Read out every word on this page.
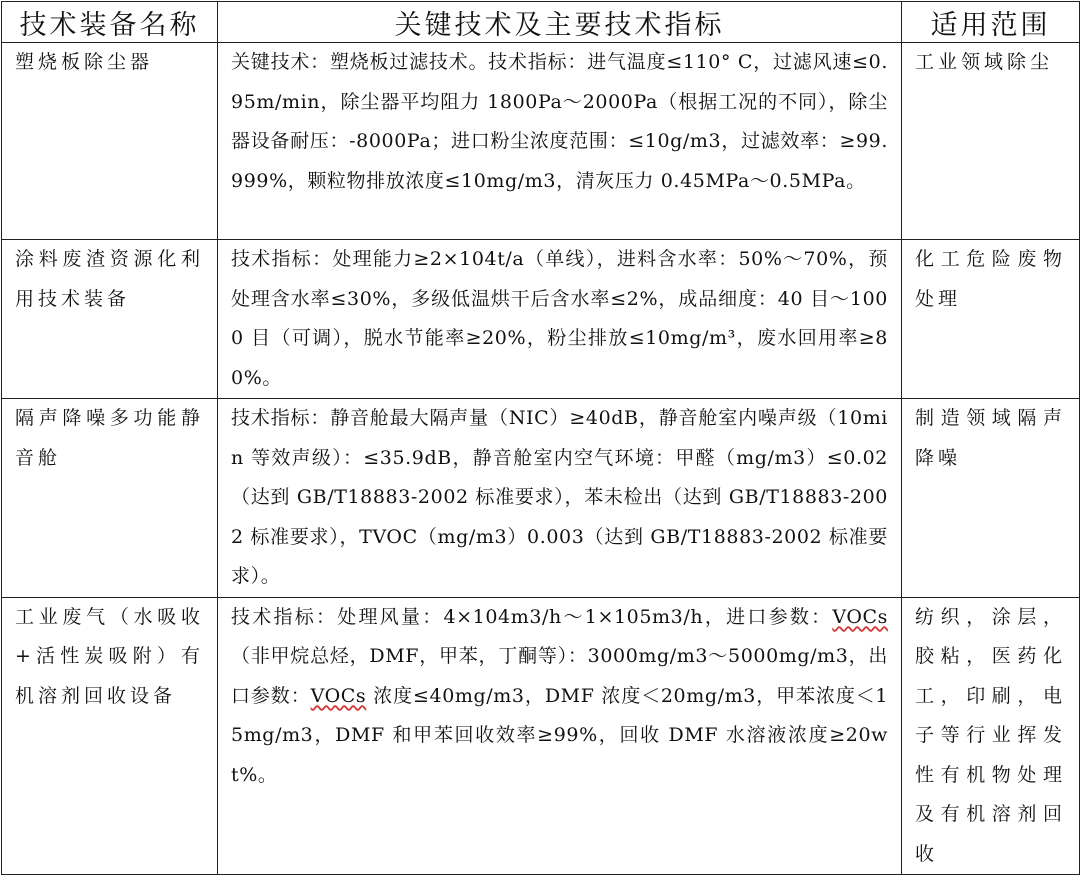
技术装备名称	关键技术及主要技术指标	适用范围
塑烧板除尘器	关键技术：塑烧板过滤技术。技术指标：进气温度≤110° C，过滤风速≤0.95m/min，除尘器平均阻力 1800Pa～2000Pa（根据工况的不同），除尘器设备耐压：-8000Pa；进口粉尘浓度范围：≤10g/m3，过滤效率：≥99.999%，颗粒物排放浓度≤10mg/m3，清灰压力 0.45MPa～0.5MPa。	工业领域除尘
涂料废渣资源化利用技术装备	技术指标：处理能力≥2×104t/a（单线），进料含水率：50%～70%，预处理含水率≤30%，多级低温烘干后含水率≤2%，成品细度：40 目～1000 目（可调），脱水节能率≥20%，粉尘排放≤10mg/m³，废水回用率≥80%。	化工危险废物处理
隔声降噪多功能静音舱	技术指标：静音舱最大隔声量（NIC）≥40dB，静音舱室内噪声级（10min 等效声级）：≤35.9dB，静音舱室内空气环境：甲醛（mg/m3）≤0.02（达到 GB/T18883-2002 标准要求），苯未检出（达到 GB/T18883-2002 标准要求），TVOC（mg/m3）0.003（达到 GB/T18883-2002 标准要求）。	制造领域隔声降噪
工业废气（水吸收+活性炭吸附）有机溶剂回收设备	技术指标：处理风量：4×104m3/h～1×105m3/h，进口参数：VOCs（非甲烷总烃，DMF，甲苯，丁酮等）：3000mg/m3～5000mg/m3，出口参数：VOCs 浓度≤40mg/m3，DMF 浓度＜20mg/m3，甲苯浓度＜15mg/m3，DMF 和甲苯回收效率≥99%，回收 DMF 水溶液浓度≥20wt%。	纺织，涂层，胶粘，医药化工，印刷，电子等行业挥发性有机物处理及有机溶剂回收
